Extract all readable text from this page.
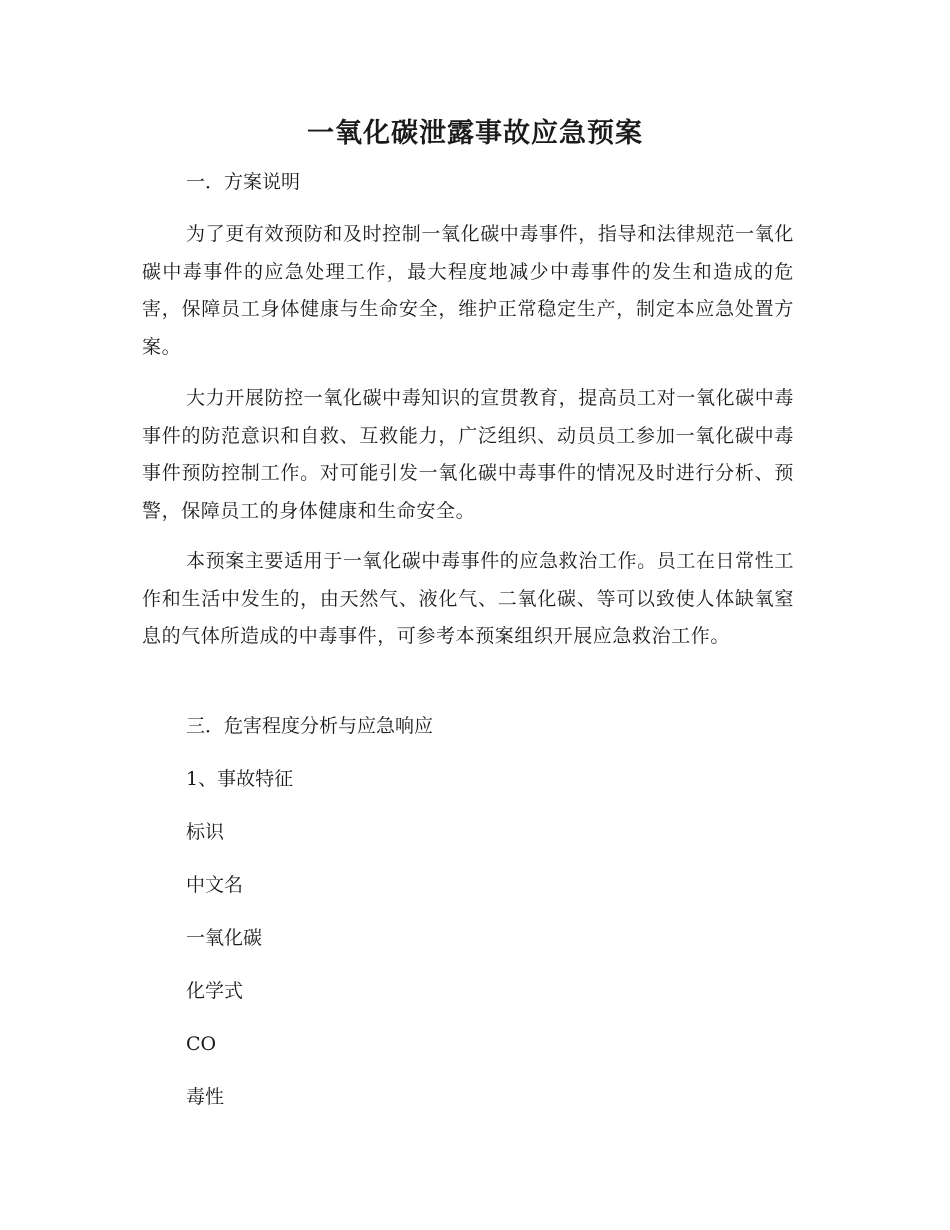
一氧化碳泄露事故应急预案

一．方案说明

为了更有效预防和及时控制一氧化碳中毒事件，指导和法律规范一氧化碳中毒事件的应急处理工作，最大程度地减少中毒事件的发生和造成的危害，保障员工身体健康与生命安全，维护正常稳定生产，制定本应急处置方案。

大力开展防控一氧化碳中毒知识的宣贯教育，提高员工对一氧化碳中毒事件的防范意识和自救、互救能力，广泛组织、动员员工参加一氧化碳中毒事件预防控制工作。对可能引发一氧化碳中毒事件的情况及时进行分析、预警，保障员工的身体健康和生命安全。

本预案主要适用于一氧化碳中毒事件的应急救治工作。员工在日常性工作和生活中发生的，由天然气、液化气、二氧化碳、等可以致使人体缺氧窒息的气体所造成的中毒事件，可参考本预案组织开展应急救治工作。

三．危害程度分析与应急响应

1、事故特征

标识

中文名

一氧化碳

化学式

CO

毒性
